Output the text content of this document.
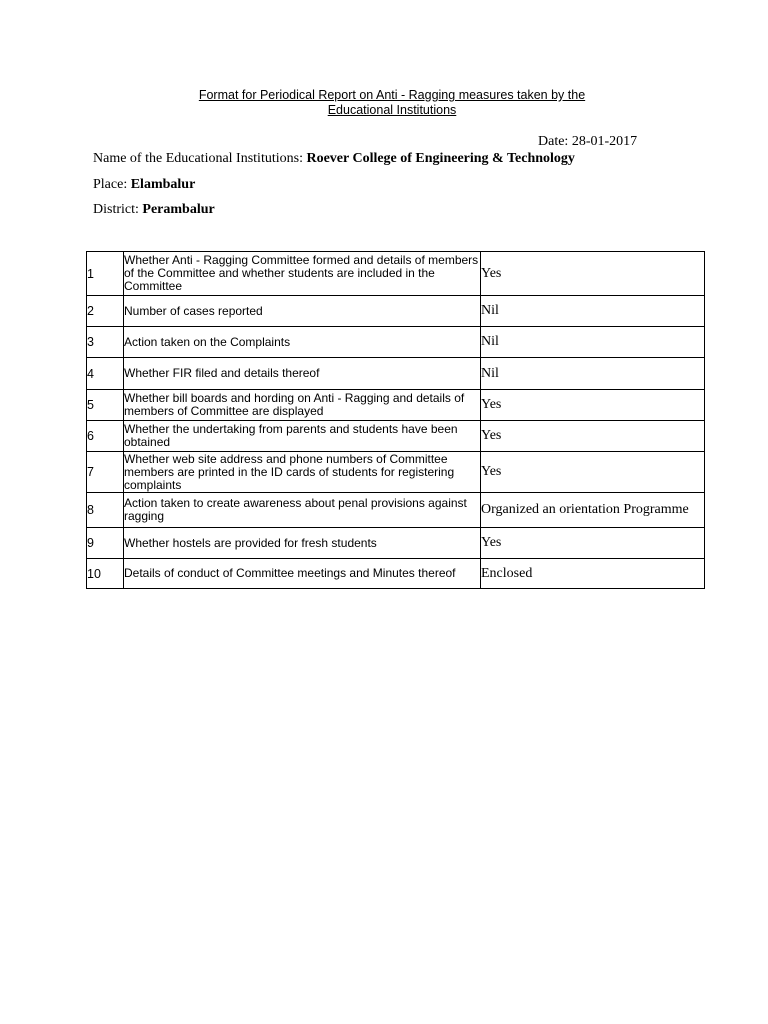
Format for Periodical Report on Anti - Ragging measures taken by the
Educational Institutions
Date: 28-01-2017
Name of the Educational Institutions: Roever College of Engineering & Technology
Place: Elambalur
District: Perambalur
1	Whether Anti - Ragging Committee formed and details of members of the Committee and whether students are included in the Committee	Yes
2	Number of cases reported	Nil
3	Action taken on the Complaints	Nil
4	Whether FIR filed and details thereof	Nil
5	Whether bill boards and hording on Anti - Ragging and details of members of Committee are displayed	Yes
6	Whether the undertaking from parents and students have been obtained	Yes
7	Whether web site address and phone numbers of Committee members are printed in the ID cards of students for registering complaints	Yes
8	Action taken to create awareness about penal provisions against ragging	Organized an orientation Programme
9	Whether hostels are provided for fresh students	Yes
10	Details of conduct of Committee meetings and Minutes thereof	Enclosed
